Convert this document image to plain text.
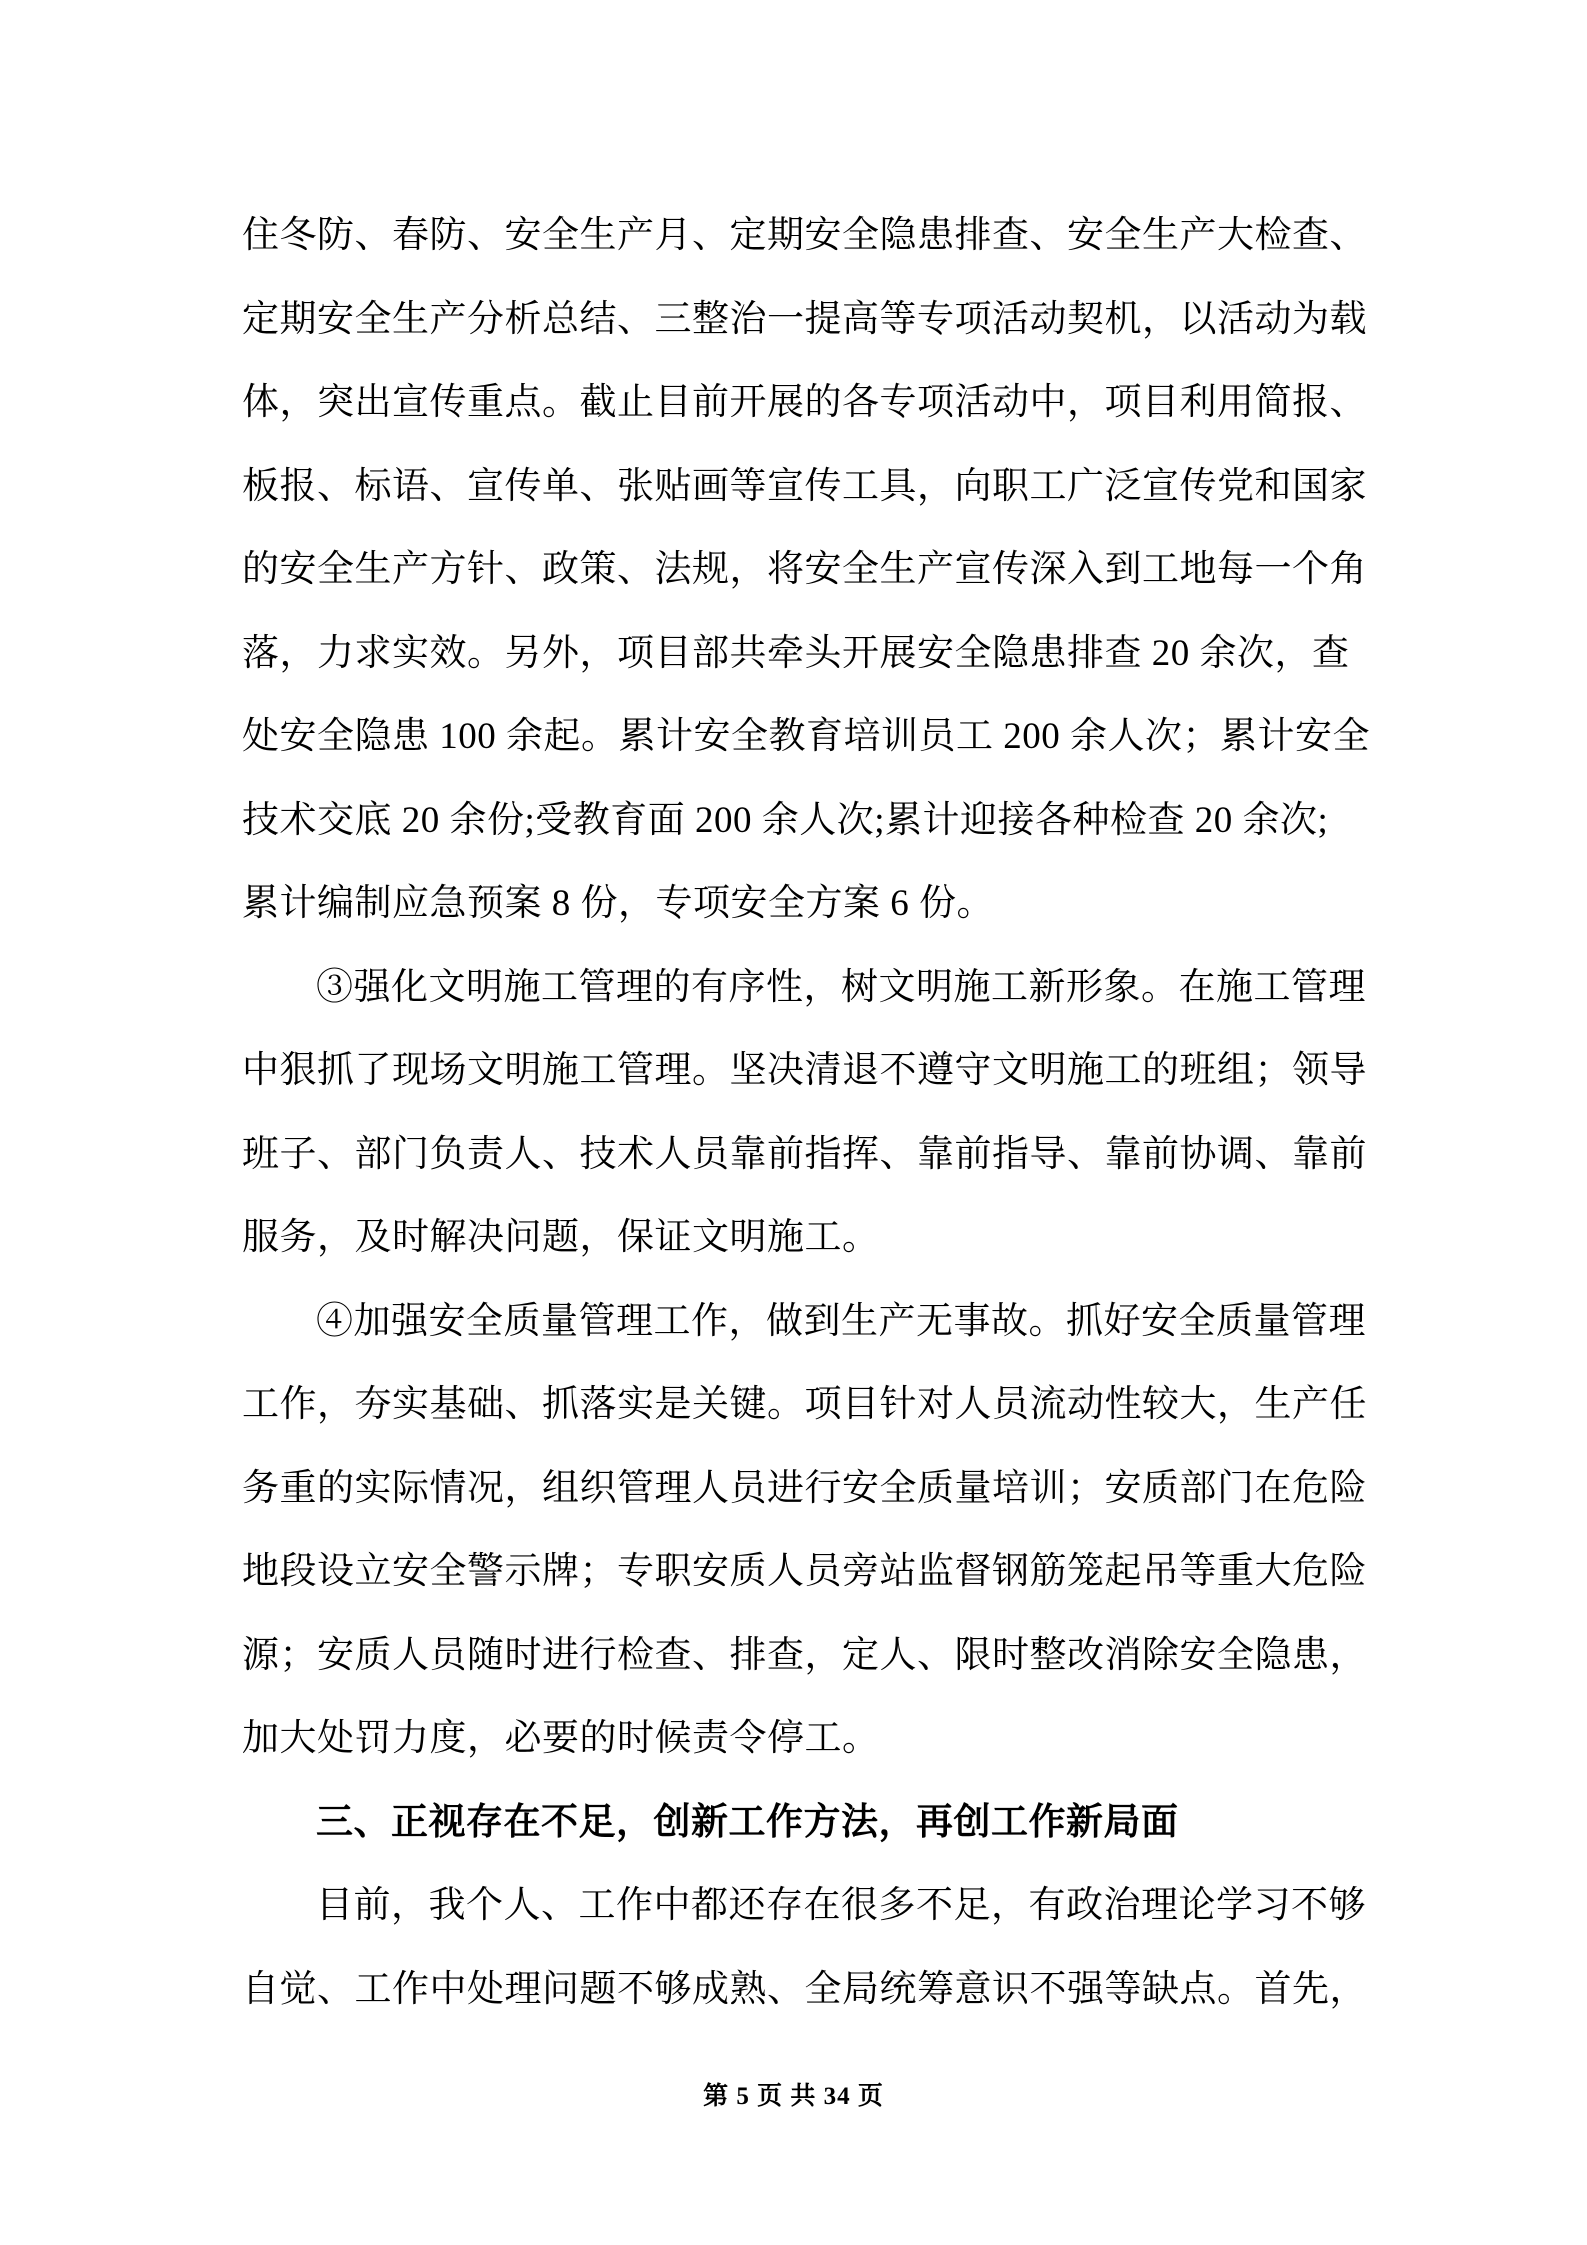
住冬防、春防、安全生产月、定期安全隐患排查、安全生产大检查、
定期安全生产分析总结、三整治一提高等专项活动契机，以活动为载
体，突出宣传重点。截止目前开展的各专项活动中，项目利用简报、
板报、标语、宣传单、张贴画等宣传工具，向职工广泛宣传党和国家
的安全生产方针、政策、法规，将安全生产宣传深入到工地每一个角
落，力求实效。另外，项目部共牵头开展安全隐患排查 20 余次，查
处安全隐患 100 余起。累计安全教育培训员工 200 余人次；累计安全
技术交底 20 余份;受教育面 200 余人次;累计迎接各种检查 20 余次;
累计编制应急预案 8 份，专项安全方案 6 份。
③强化文明施工管理的有序性，树文明施工新形象。在施工管理
中狠抓了现场文明施工管理。坚决清退不遵守文明施工的班组；领导
班子、部门负责人、技术人员靠前指挥、靠前指导、靠前协调、靠前
服务，及时解决问题，保证文明施工。
④加强安全质量管理工作，做到生产无事故。抓好安全质量管理
工作，夯实基础、抓落实是关键。项目针对人员流动性较大，生产任
务重的实际情况，组织管理人员进行安全质量培训；安质部门在危险
地段设立安全警示牌；专职安质人员旁站监督钢筋笼起吊等重大危险
源；安质人员随时进行检查、排查，定人、限时整改消除安全隐患，
加大处罚力度，必要的时候责令停工。
三、正视存在不足，创新工作方法，再创工作新局面
目前，我个人、工作中都还存在很多不足，有政治理论学习不够
自觉、工作中处理问题不够成熟、全局统筹意识不强等缺点。首先，
第 5 页 共 34 页
